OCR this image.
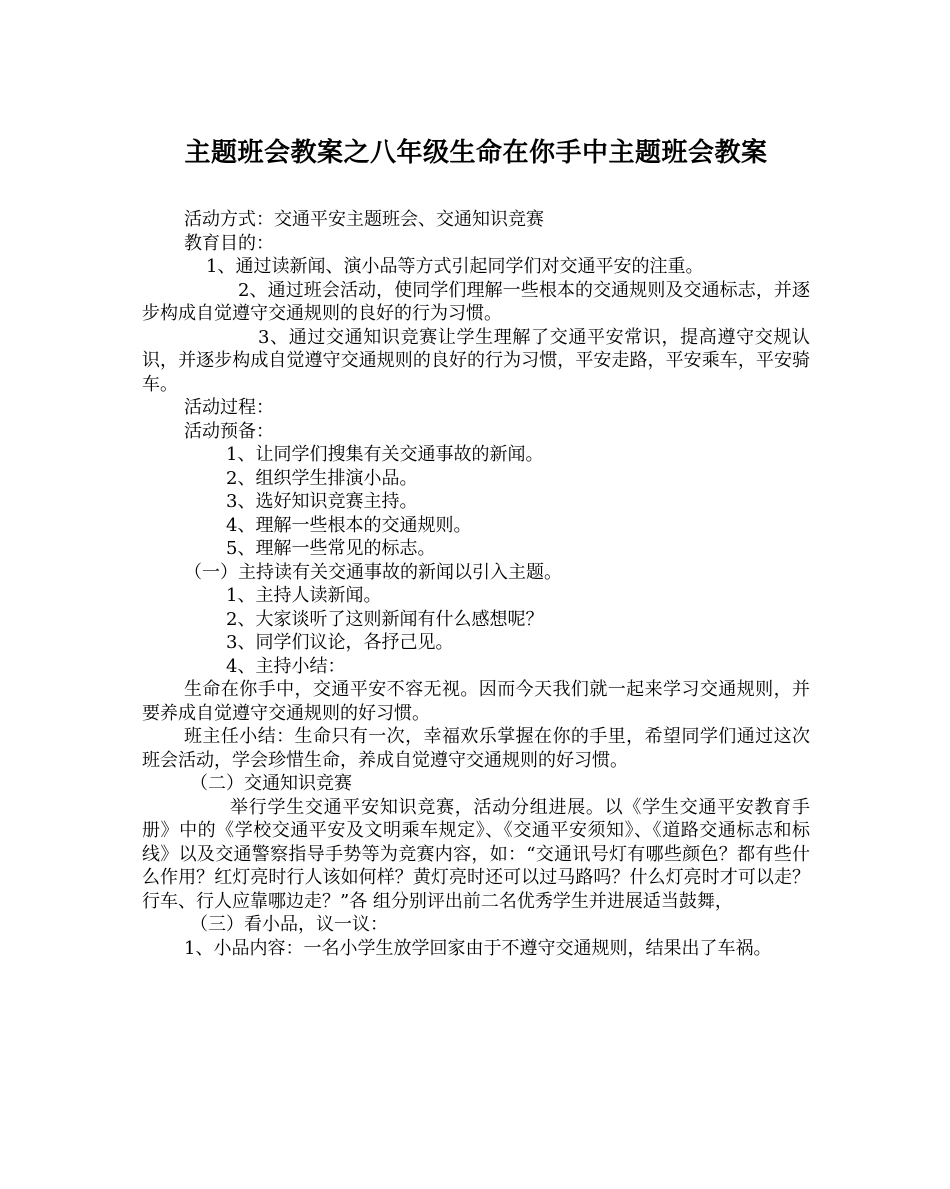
主题班会教案之八年级生命在你手中主题班会教案

活动方式：交通平安主题班会、交通知识竞赛

教育目的：

1、通过读新闻、演小品等方式引起同学们对交通平安的注重。

2、通过班会活动，使同学们理解一些根本的交通规则及交通标志，并逐步构成自觉遵守交通规则的良好的行为习惯。

3、通过交通知识竞赛让学生理解了交通平安常识，提高遵守交规认识，并逐步构成自觉遵守交通规则的良好的行为习惯，平安走路，平安乘车，平安骑车。

活动过程：

活动预备：

1、让同学们搜集有关交通事故的新闻。

2、组织学生排演小品。

3、选好知识竞赛主持。

4、理解一些根本的交通规则。

5、理解一些常见的标志。

（一）主持读有关交通事故的新闻以引入主题。

1、主持人读新闻。

2、大家谈听了这则新闻有什么感想呢？

3、同学们议论，各抒己见。

4、主持小结：

生命在你手中，交通平安不容无视。因而今天我们就一起来学习交通规则，并要养成自觉遵守交通规则的好习惯。

班主任小结：生命只有一次，幸福欢乐掌握在你的手里，希望同学们通过这次班会活动，学会珍惜生命，养成自觉遵守交通规则的好习惯。

（二）交通知识竞赛

举行学生交通平安知识竞赛，活动分组进展。以《学生交通平安教育手册》中的《学校交通平安及文明乘车规定》、《交通平安须知》、《道路交通标志和标线》以及交通警察指导手势等为竞赛内容，如：“交通讯号灯有哪些颜色？都有些什么作用？红灯亮时行人该如何样？黄灯亮时还可以过马路吗？什么灯亮时才可以走？行车、行人应靠哪边走？”各 组分别评出前二名优秀学生并进展适当鼓舞，

（三）看小品，议一议：

1、小品内容：一名小学生放学回家由于不遵守交通规则，结果出了车祸。
